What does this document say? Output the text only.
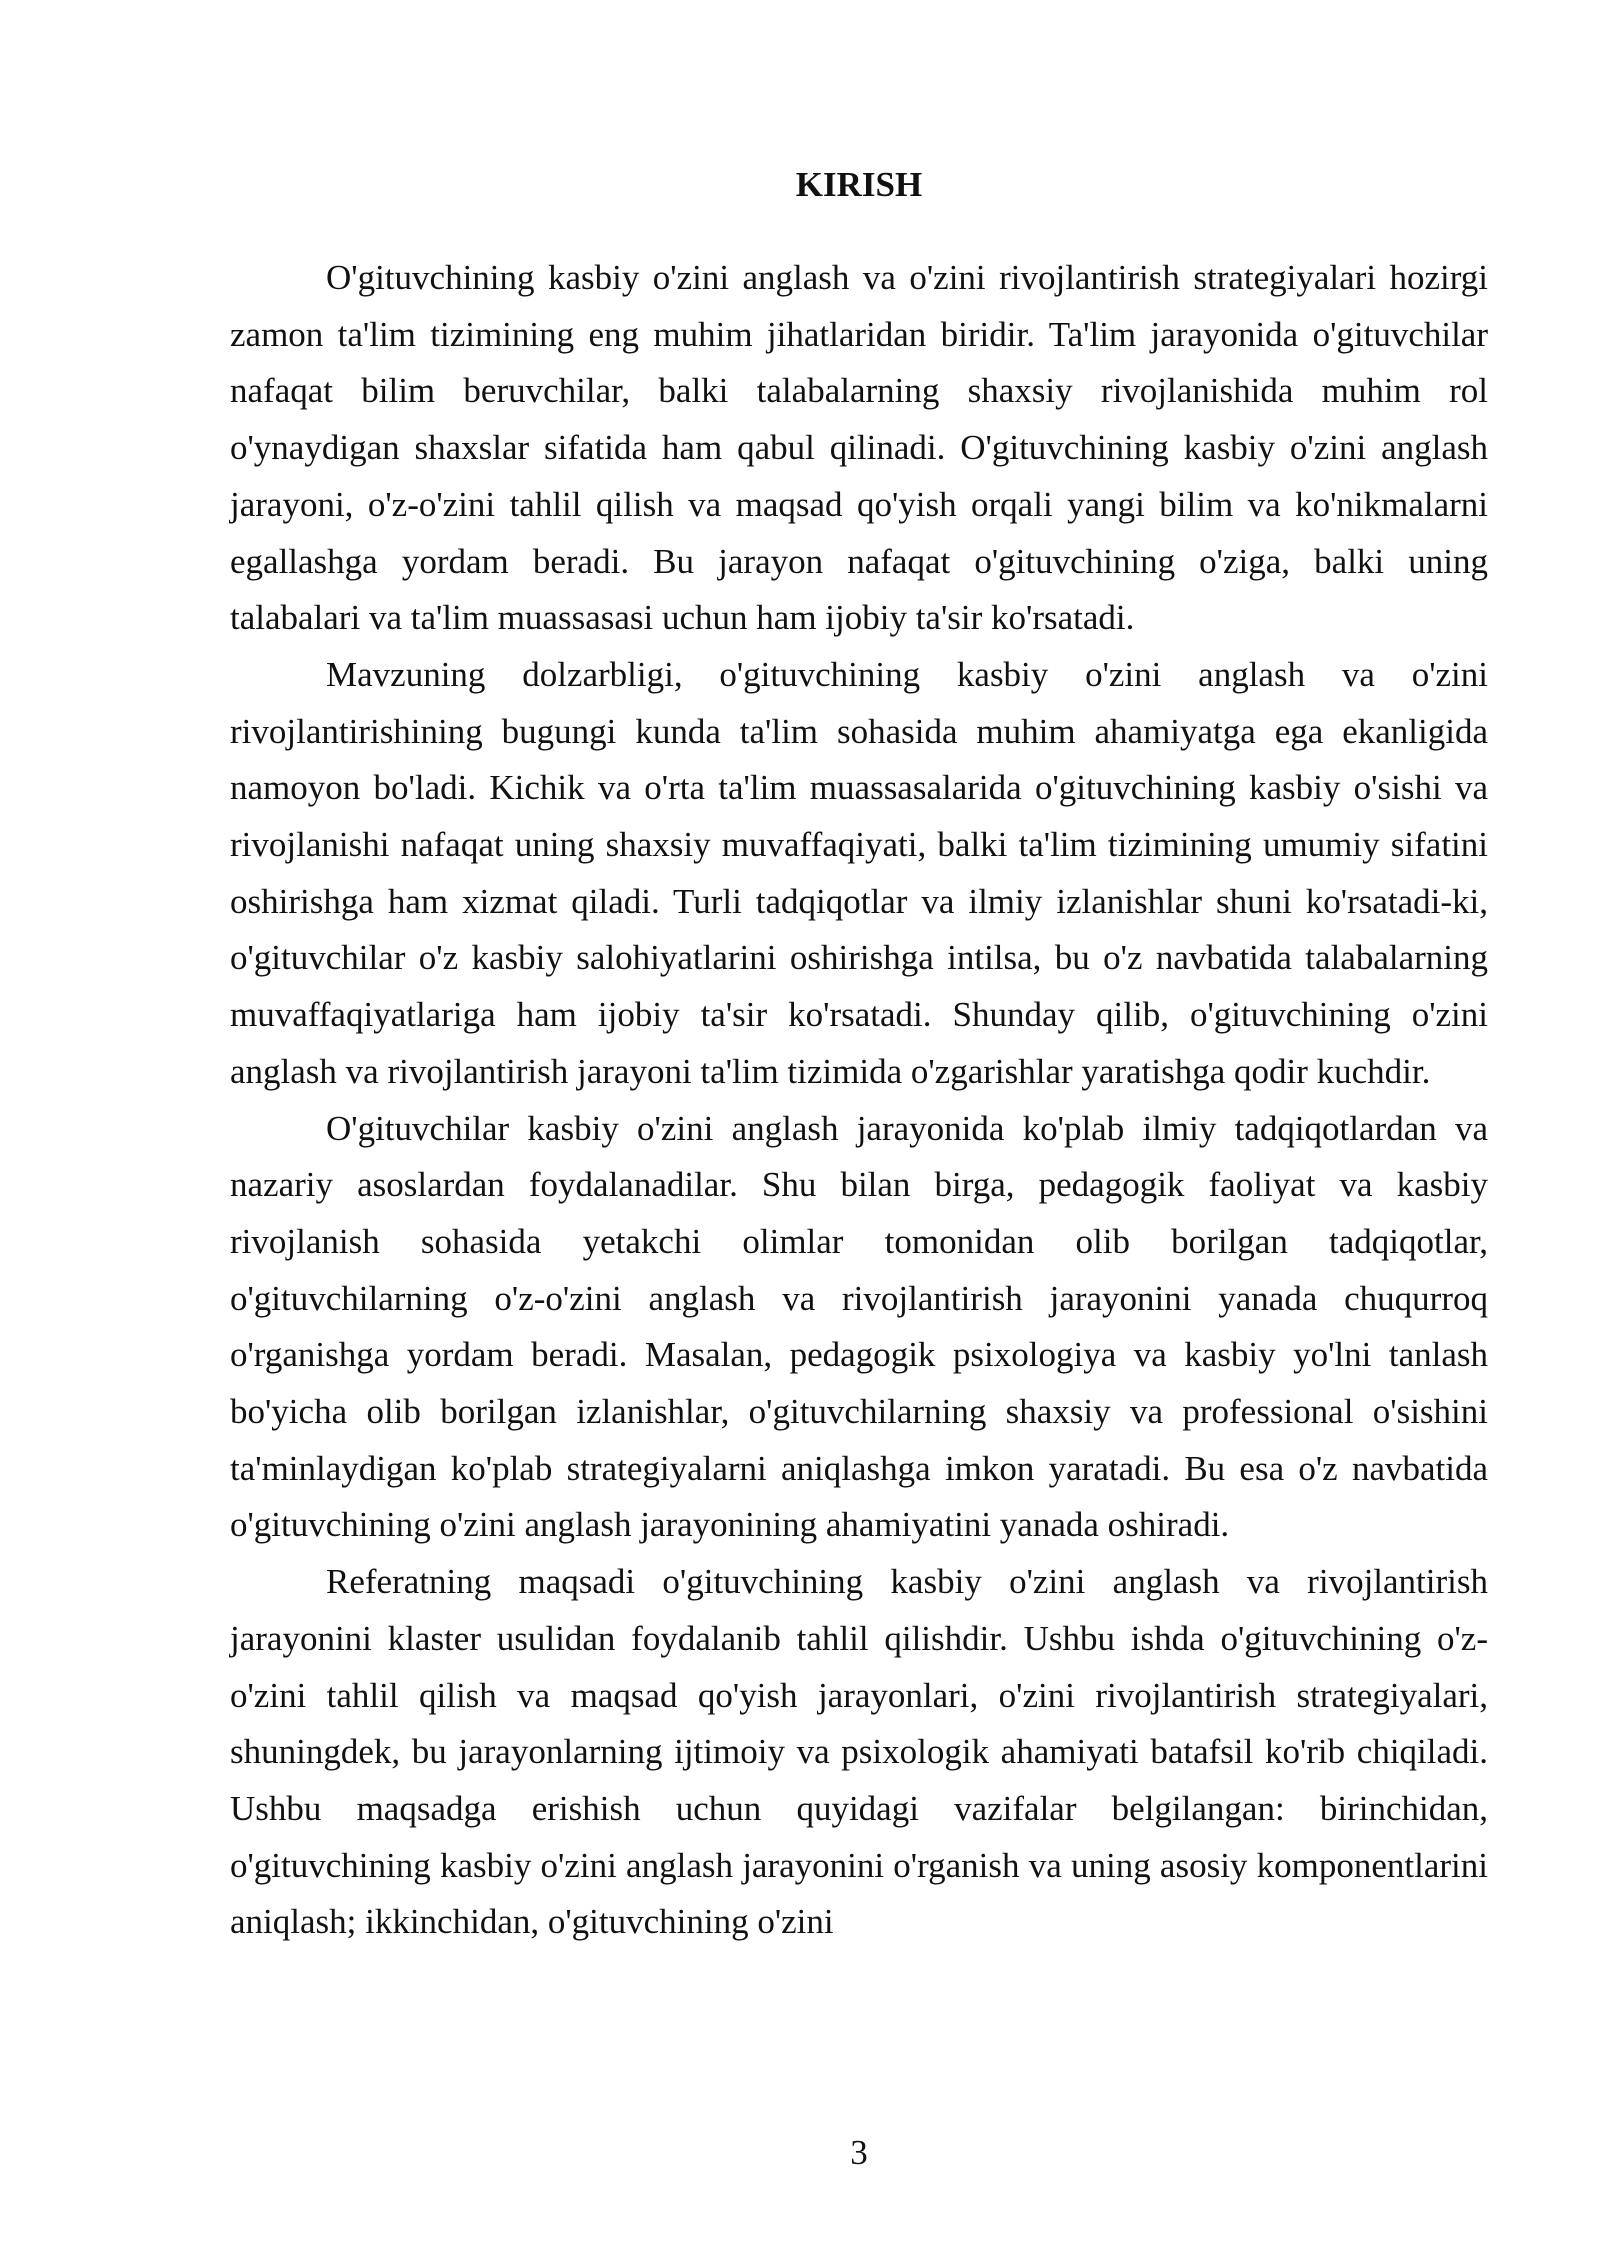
KIRISH

O'gituvchining kasbiy o'zini anglash va o'zini rivojlantirish strategiyalari hozirgi zamon ta'lim tizimining eng muhim jihatlaridan biridir. Ta'lim jarayonida o'gituvchilar nafaqat bilim beruvchilar, balki talabalarning shaxsiy rivojlanishida muhim rol o'ynaydigan shaxslar sifatida ham qabul qilinadi. O'gituvchining kasbiy o'zini anglash jarayoni, o'z-o'zini tahlil qilish va maqsad qo'yish orqali yangi bilim va ko'nikmalarni egallashga yordam beradi. Bu jarayon nafaqat o'gituvchining o'ziga, balki uning talabalari va ta'lim muassasasi uchun ham ijobiy ta'sir ko'rsatadi.

Mavzuning dolzarbligi, o'gituvchining kasbiy o'zini anglash va o'zini rivojlantirishining bugungi kunda ta'lim sohasida muhim ahamiyatga ega ekanligida namoyon bo'ladi. Kichik va o'rta ta'lim muassasalarida o'gituvchining kasbiy o'sishi va rivojlanishi nafaqat uning shaxsiy muvaffaqiyati, balki ta'lim tizimining umumiy sifatini oshirishga ham xizmat qiladi. Turli tadqiqotlar va ilmiy izlanishlar shuni ko'rsatadi-ki, o'gituvchilar o'z kasbiy salohiyatlarini oshirishga intilsa, bu o'z navbatida talabalarning muvaffaqiyatlariga ham ijobiy ta'sir ko'rsatadi. Shunday qilib, o'gituvchining o'zini anglash va rivojlantirish jarayoni ta'lim tizimida o'zgarishlar yaratishga qodir kuchdir.

O'gituvchilar kasbiy o'zini anglash jarayonida ko'plab ilmiy tadqiqotlardan va nazariy asoslardan foydalanadilar. Shu bilan birga, pedagogik faoliyat va kasbiy rivojlanish sohasida yetakchi olimlar tomonidan olib borilgan tadqiqotlar, o'gituvchilarning o'z-o'zini anglash va rivojlantirish jarayonini yanada chuqurroq o'rganishga yordam beradi. Masalan, pedagogik psixologiya va kasbiy yo'lni tanlash bo'yicha olib borilgan izlanishlar, o'gituvchilarning shaxsiy va professional o'sishini ta'minlaydigan ko'plab strategiyalarni aniqlashga imkon yaratadi. Bu esa o'z navbatida o'gituvchining o'zini anglash jarayonining ahamiyatini yanada oshiradi.

Referatning maqsadi o'gituvchining kasbiy o'zini anglash va rivojlantirish jarayonini klaster usulidan foydalanib tahlil qilishdir. Ushbu ishda o'gituvchining o'z-o'zini tahlil qilish va maqsad qo'yish jarayonlari, o'zini rivojlantirish strategiyalari, shuningdek, bu jarayonlarning ijtimoiy va psixologik ahamiyati batafsil ko'rib chiqiladi. Ushbu maqsadga erishish uchun quyidagi vazifalar belgilangan: birinchidan, o'gituvchining kasbiy o'zini anglash jarayonini o'rganish va uning asosiy komponentlarini aniqlash; ikkinchidan, o'gituvchining o'zini

3
